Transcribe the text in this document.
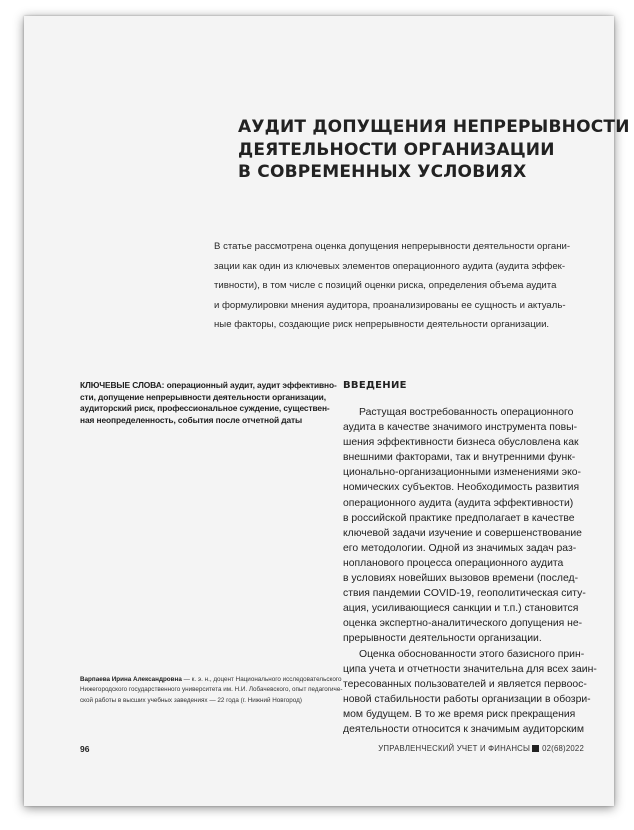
АУДИТ ДОПУЩЕНИЯ НЕПРЕРЫВНОСТИ
ДЕЯТЕЛЬНОСТИ ОРГАНИЗАЦИИ
В СОВРЕМЕННЫХ УСЛОВИЯХ
В статье рассмотрена оценка допущения непрерывности деятельности органи-
зации как один из ключевых элементов операционного аудита (аудита эффек-
тивности), в том числе с позиций оценки риска, определения объема аудита
и формулировки мнения аудитора, проанализированы ее сущность и актуаль-
ные факторы, создающие риск непрерывности деятельности организации.
КЛЮЧЕВЫЕ СЛОВА: операционный аудит, аудит эффективно-
сти, допущение непрерывности деятельности организации,
аудиторский риск, профессиональное суждение, существен-
ная неопределенность, события после отчетной даты
ВВЕДЕНИЕ
Растущая востребованность операционного
аудита в качестве значимого инструмента повы-
шения эффективности бизнеса обусловлена как
внешними факторами, так и внутренними функ-
ционально-организационными изменениями эко-
номических субъектов. Необходимость развития
операционного аудита (аудита эффективности)
в российской практике предполагает в качестве
ключевой задачи изучение и совершенствование
его методологии. Одной из значимых задач раз-
нопланового процесса операционного аудита
в условиях новейших вызовов времени (послед-
ствия пандемии COVID-19, геополитическая ситу-
ация, усиливающиеся санкции и т.п.) становится
оценка экспертно-аналитического допущения не-
прерывности деятельности организации.
Оценка обоснованности этого базисного прин-
ципа учета и отчетности значительна для всех заин-
тересованных пользователей и является первоос-
новой стабильности работы организации в обозри-
мом будущем. В то же время риск прекращения
деятельности относится к значимым аудиторским
Варпаева Ирина Александровна — к. э. н., доцент Национального исследовательского
Нижегородского государственного университета им. Н.И. Лобачевского, опыт педагогиче-
ской работы в высших учебных заведениях — 22 года (г. Нижний Новгород)
96	УПРАВЛЕНЧЕСКИЙ УЧЕТ И ФИНАНСЫ 02(68)2022
